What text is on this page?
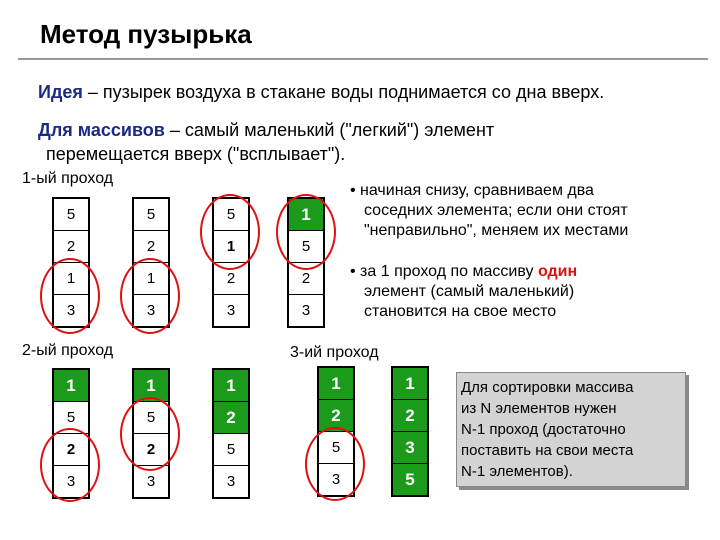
Метод пузырька
Идея – пузырек воздуха в стакане воды поднимается со дна вверх.
Для массивов – самый маленький ("легкий") элемент
перемещается вверх ("всплывает").
1-ый проход
2-ый проход	3-ий проход
• начиная снизу, сравниваем два
соседних элемента; если они стоят
"неправильно", меняем их местами
• за 1 проход по массиву один
элемент (самый маленький)
становится на свое место
5
2
1
3
5
2
1
3
5
1
2
3
1
5
2
3
1
5
2
3
1
5
2
3
1
2
5
3
1
2
5
3
1
2
3
5
Для сортировки массива
из N элементов нужен
N-1 проход (достаточно
поставить на свои места
N-1 элементов).
